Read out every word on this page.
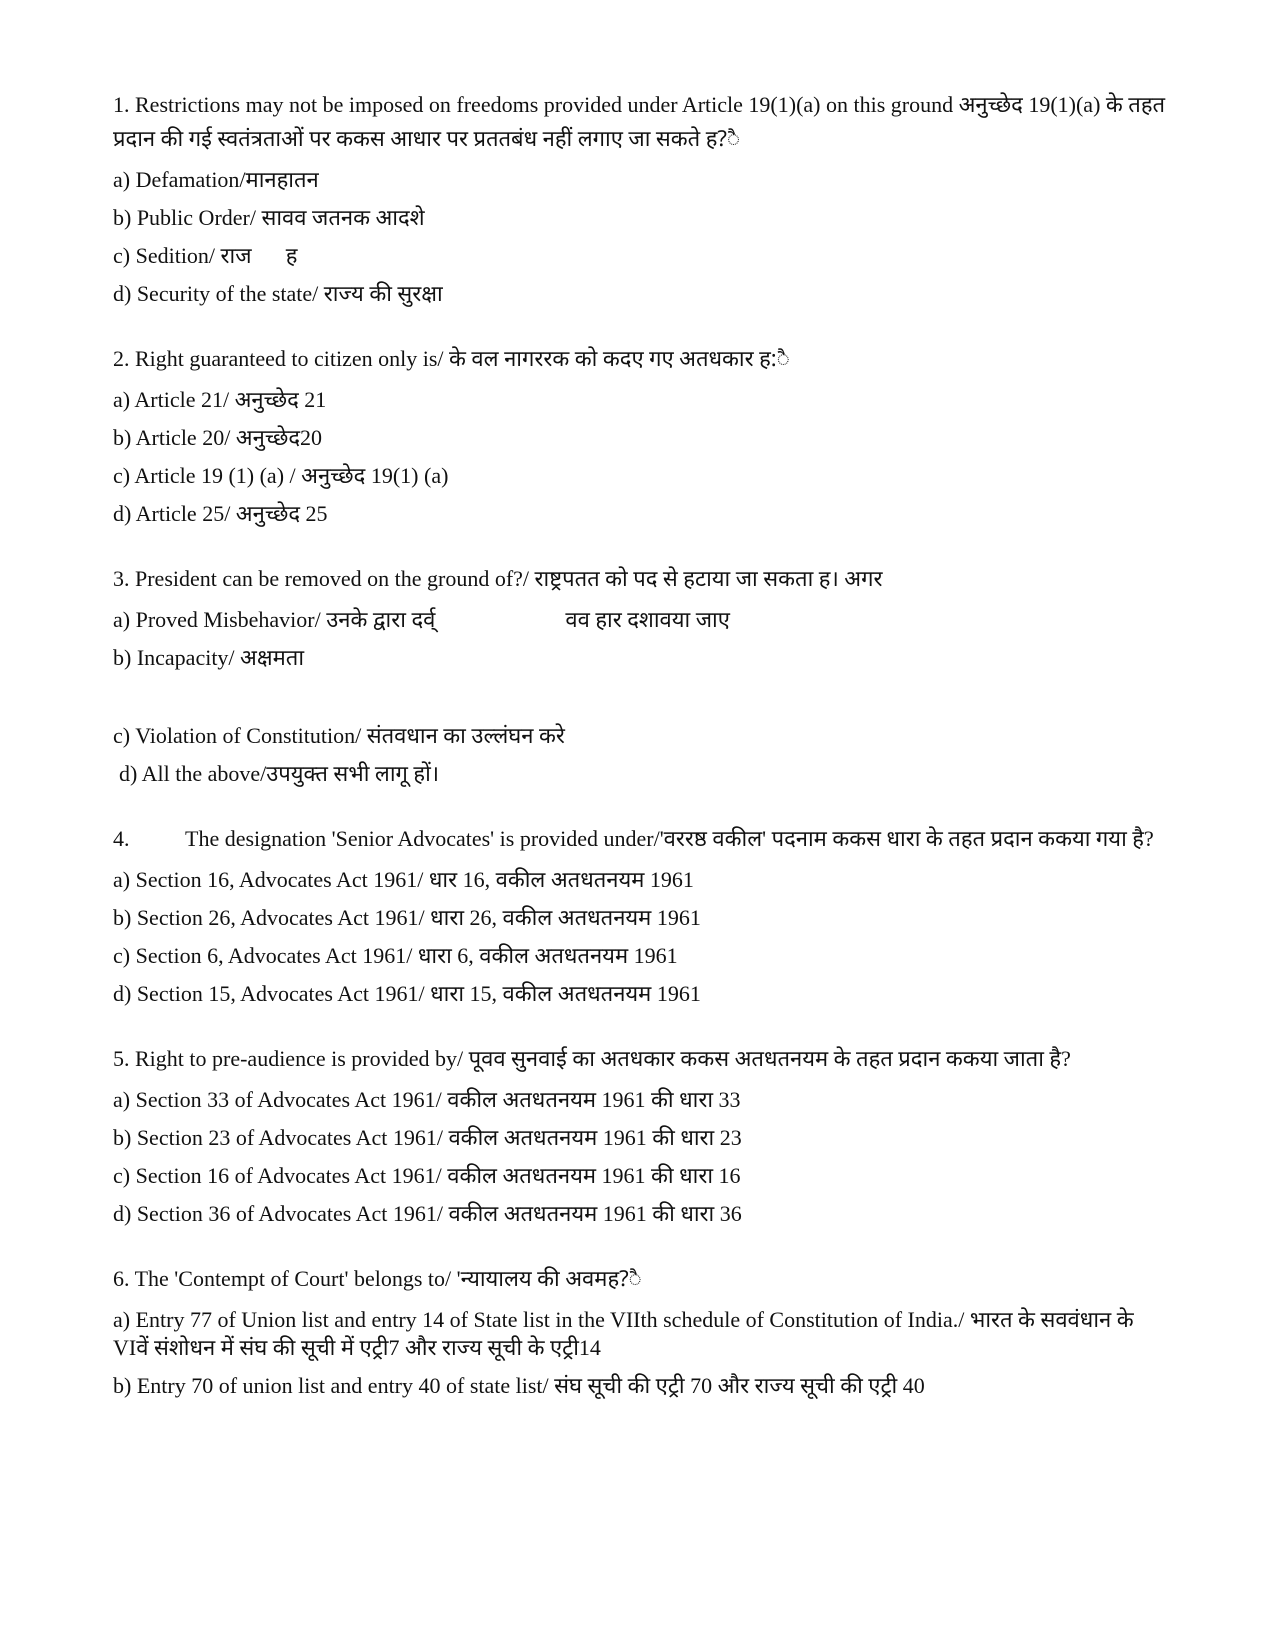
1. Restrictions may not be imposed on freedoms provided under Article 19(1)(a) on this ground अनुच्छेद 19(1)(a) के तहत प्रदान की गई स्वतंत्रताओं पर ककस आधार पर प्रततबंध नहीं लगाए जा सकते ह?ै

a) Defamation/मानहातन

b) Public Order/ सावव जतनक आदशे

c) Sedition/ राज✐ोह

d) Security of the state/ राज्य की सुरक्षा

2. Right guaranteed to citizen only is/ के वल नागररक को कदए गए अतधकार ह:ै

a) Article 21/ अनुच्छेद 21

b) Article 20/ अनुच्छेद20

c) Article 19 (1) (a) / अनुच्छेद 19(1) (a)

d) Article 25/ अनुच्छेद 25

3. President can be removed on the ground of?/ राष्ट्रपतत को पद से हटाया जा सकता ह। अगर

a) Proved Misbehavior/ उनके द्वारा दर्व्	वव हार दशावया जाए

b) Incapacity/ अक्षमता

c) Violation of Constitution/ संतवधान का उल्लंघन करे

d) All the above/उपयुक्त सभी लागू हों।

4.	The designation 'Senior Advocates' is provided under/'वररष्ठ वकील' पदनाम ककस धारा के तहत प्रदान ककया गया है?

a) Section 16, Advocates Act 1961/ धार 16, वकील अतधतनयम 1961

b) Section 26, Advocates Act 1961/ धारा 26, वकील अतधतनयम 1961

c) Section 6, Advocates Act 1961/ धारा 6, वकील अतधतनयम 1961

d) Section 15, Advocates Act 1961/ धारा 15, वकील अतधतनयम 1961

5. Right to pre-audience is provided by/ पूवव सुनवाई का अतधकार ककस अतधतनयम के तहत प्रदान ककया जाता है?

a) Section 33 of Advocates Act 1961/ वकील अतधतनयम 1961 की धारा 33

b) Section 23 of Advocates Act 1961/ वकील अतधतनयम 1961 की धारा 23

c) Section 16 of Advocates Act 1961/ वकील अतधतनयम 1961 की धारा 16

d) Section 36 of Advocates Act 1961/ वकील अतधतनयम 1961 की धारा 36

6. The 'Contempt of Court' belongs to/ 'न्यायालय की अवमह?ै

a) Entry 77 of Union list and entry 14 of State list in the VIIth schedule of Constitution of India./ भारत के सववंधान के VIवें संशोधन में संघ की सूची में एट्री7 और राज्य सूची के एट्री14

b) Entry 70 of union list and entry 40 of state list/ संघ सूची की एट्री 70 और राज्य सूची की एट्री 40
